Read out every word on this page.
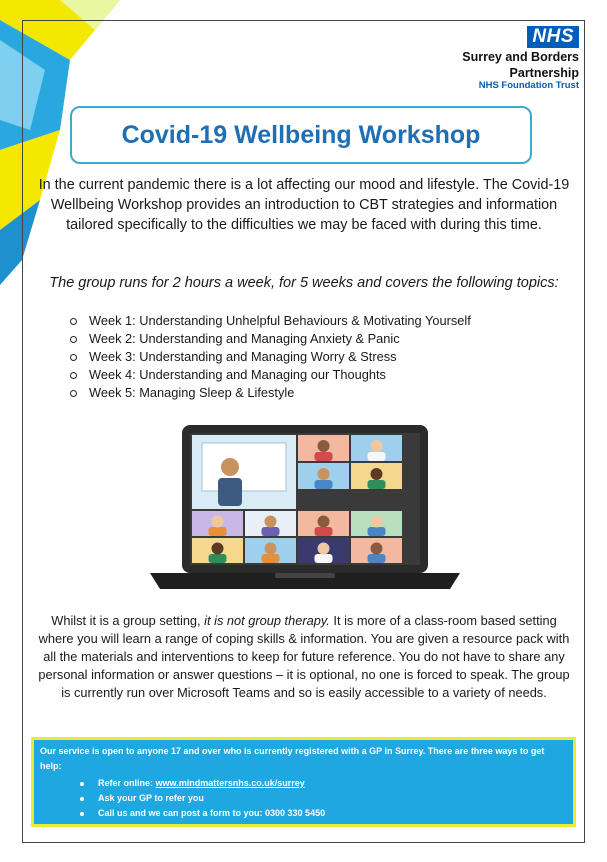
NHS
Surrey and Borders
Partnership
NHS Foundation Trust
Covid-19 Wellbeing Workshop
In the current pandemic there is a lot affecting our mood and lifestyle. The Covid-19 Wellbeing Workshop provides an introduction to CBT strategies and information tailored specifically to the difficulties we may be faced with during this time.
The group runs for 2 hours a week, for 5 weeks and covers the following topics:
Week 1: Understanding Unhelpful Behaviours & Motivating Yourself
Week 2: Understanding and Managing Anxiety & Panic
Week 3: Understanding and Managing Worry & Stress
Week 4: Understanding and Managing our Thoughts
Week 5: Managing Sleep & Lifestyle
Whilst it is a group setting, it is not group therapy. It is more of a class-room based setting where you will learn a range of coping skills & information. You are given a resource pack with all the materials and interventions to keep for future reference. You do not have to share any personal information or answer questions – it is optional, no one is forced to speak. The group is currently run over Microsoft Teams and so is easily accessible to a variety of needs.
Our service is open to anyone 17 and over who is currently registered with a GP in Surrey. There are three ways to get help:
Refer online:
www.mindmattersnhs.co.uk/surrey
Ask your GP to refer you
Call us and we can post a form to you: 0300 330 5450
